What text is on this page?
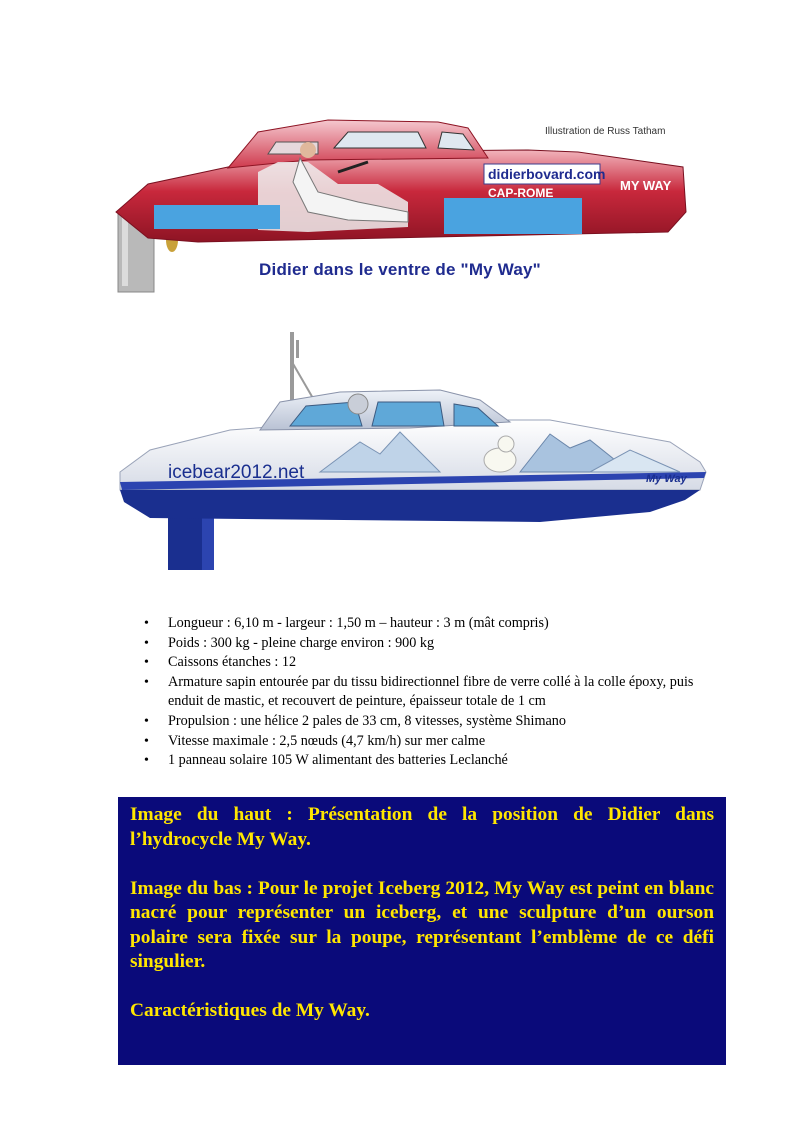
didierbovard.com
CAP-ROME	MY WAY
Illustration de Russ Tatham
Didier dans le ventre de "My Way"
icebear2012.net	My Way
• Longueur : 6,10 m - largeur : 1,50 m – hauteur : 3 m (mât compris)
• Poids : 300 kg - pleine charge environ : 900 kg
• Caissons étanches : 12
• Armature sapin entourée par du tissu bidirectionnel fibre de verre collé à la colle époxy, puis enduit de mastic, et recouvert de peinture, épaisseur totale de 1 cm
• Propulsion : une hélice 2 pales de 33 cm, 8 vitesses, système Shimano
• Vitesse maximale : 2,5 nœuds (4,7 km/h) sur mer calme
• 1 panneau solaire 105 W alimentant des batteries Leclanché

Image du haut : Présentation de la position de Didier dans l’hydrocycle My Way.

Image du bas : Pour le projet Iceberg 2012, My Way est peint en blanc nacré pour représenter un iceberg, et une sculpture d’un ourson polaire sera fixée sur la poupe, représentant l’emblème de ce défi singulier.

Caractéristiques de My Way.
